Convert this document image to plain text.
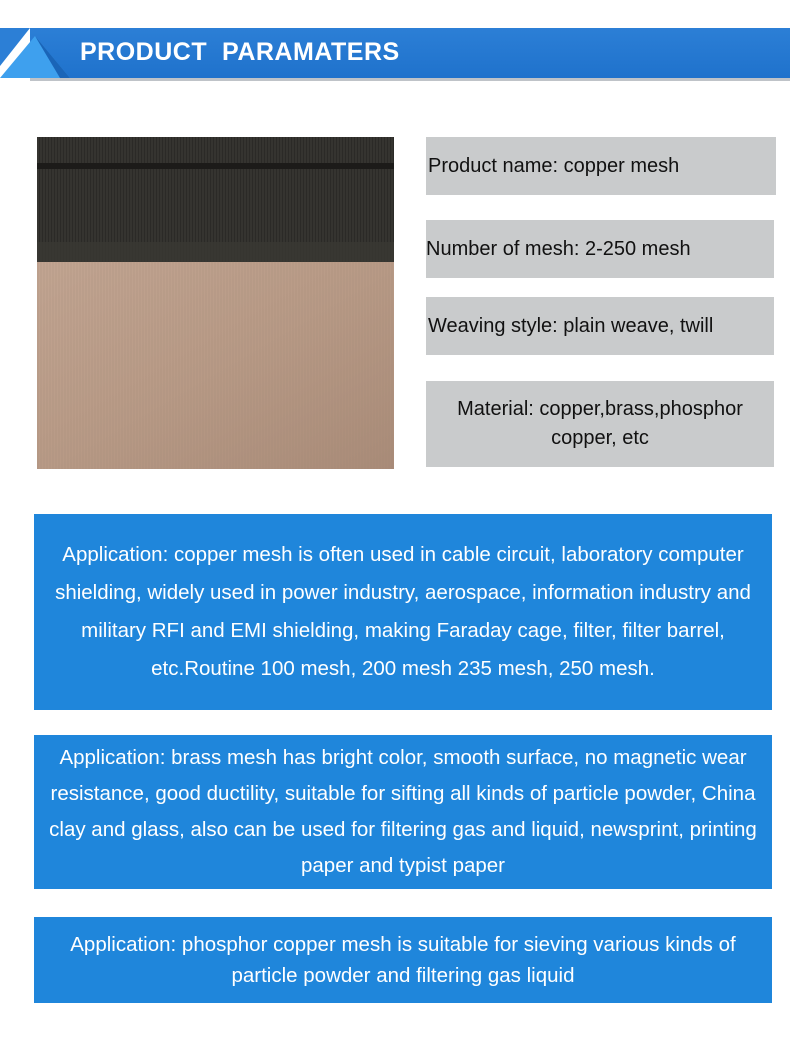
PRODUCT  PARAMATERS
Product name: copper mesh
Number of mesh: 2-250 mesh
Weaving style: plain weave, twill
Material: copper,brass,phosphor copper, etc
Application: copper mesh is often used in cable circuit, laboratory computer shielding, widely used in power industry, aerospace, information industry and military RFI and EMI shielding, making Faraday cage, filter, filter barrel, etc.Routine 100 mesh, 200 mesh 235 mesh, 250 mesh.
Application: brass mesh has bright color, smooth surface, no magnetic wear resistance, good ductility, suitable for sifting all kinds of particle powder, China clay and glass, also can be used for filtering gas and liquid, newsprint, printing paper and typist paper
Application: phosphor copper mesh is suitable for sieving various kinds of particle powder and filtering gas liquid
